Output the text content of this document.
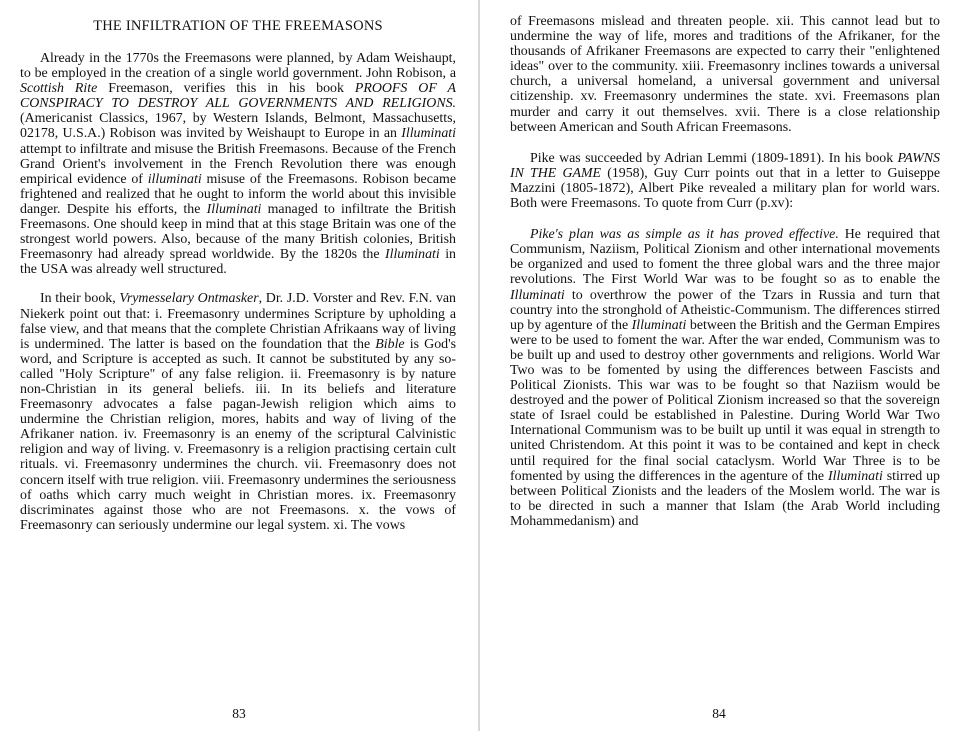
THE INFILTRATION OF THE FREEMASONS

Already in the 1770s the Freemasons were planned, by Adam Weishaupt, to be employed in the creation of a single world government. John Robison, a Scottish Rite Freemason, verifies this in his book PROOFS OF A CONSPIRACY TO DESTROY ALL GOVERNMENTS AND RELIGIONS. (Americanist Classics, 1967, by Western Islands, Belmont, Massachusetts, 02178, U.S.A.) Robison was invited by Weishaupt to Europe in an Illuminati attempt to infiltrate and misuse the British Freemasons. Because of the French Grand Orient's involvement in the French Revolution there was enough empirical evidence of illuminati misuse of the Freemasons. Robison became frightened and realized that he ought to inform the world about this invisible danger. Despite his efforts, the Illuminati managed to infiltrate the British Freemasons. One should keep in mind that at this stage Britain was one of the strongest world powers. Also, because of the many British colonies, British Freemasonry had already spread worldwide. By the 1820s the Illuminati in the USA was already well structured.

In their book, Vrymesselary Ontmasker, Dr. J.D. Vorster and Rev. F.N. van Niekerk point out that: i. Freemasonry undermines Scripture by upholding a false view, and that means that the complete Christian Afrikaans way of living is undermined. The latter is based on the foundation that the Bible is God's word, and Scripture is accepted as such. It cannot be substituted by any so-called "Holy Scripture" of any false religion. ii. Freemasonry is by nature non-Christian in its general beliefs. iii. In its beliefs and literature Freemasonry advocates a false pagan-Jewish religion which aims to undermine the Christian religion, mores, habits and way of living of the Afrikaner nation. iv. Freemasonry is an enemy of the scriptural Calvinistic religion and way of living. v. Freemasonry is a religion practising certain cult rituals. vi. Freemasonry undermines the church. vii. Freemasonry does not concern itself with true religion. viii. Freemasonry undermines the seriousness of oaths which carry much weight in Christian mores. ix. Freemasonry discriminates against those who are not Freemasons. x. the vows of Freemasonry can seriously undermine our legal system. xi. The vows

83

of Freemasons mislead and threaten people. xii. This cannot lead but to undermine the way of life, mores and traditions of the Afrikaner, for the thousands of Afrikaner Freemasons are expected to carry their "enlightened ideas" over to the community. xiii. Freemasonry inclines towards a universal church, a universal homeland, a universal government and universal citizenship. xv. Freemasonry undermines the state. xvi. Freemasons plan murder and carry it out themselves. xvii. There is a close relationship between American and South African Freemasons.

Pike was succeeded by Adrian Lemmi (1809-1891). In his book PAWNS IN THE GAME (1958), Guy Curr points out that in a letter to Guiseppe Mazzini (1805-1872), Albert Pike revealed a military plan for world wars. Both were Freemasons. To quote from Curr (p.xv):

Pike's plan was as simple as it has proved effective. He required that Communism, Naziism, Political Zionism and other international movements be organized and used to foment the three global wars and the three major revolutions. The First World War was to be fought so as to enable the Illuminati to overthrow the power of the Tzars in Russia and turn that country into the stronghold of Atheistic-Communism. The differences stirred up by agenture of the Illuminati between the British and the German Empires were to be used to foment the war. After the war ended, Communism was to be built up and used to destroy other governments and religions. World War Two was to be fomented by using the differences between Fascists and Political Zionists. This war was to be fought so that Naziism would be destroyed and the power of Political Zionism increased so that the sovereign state of Israel could be established in Palestine. During World War Two International Communism was to be built up until it was equal in strength to united Christendom. At this point it was to be contained and kept in check until required for the final social cataclysm. World War Three is to be fomented by using the differences in the agenture of the Illuminati stirred up between Political Zionists and the leaders of the Moslem world. The war is to be directed in such a manner that Islam (the Arab World including Mohammedanism) and

84
